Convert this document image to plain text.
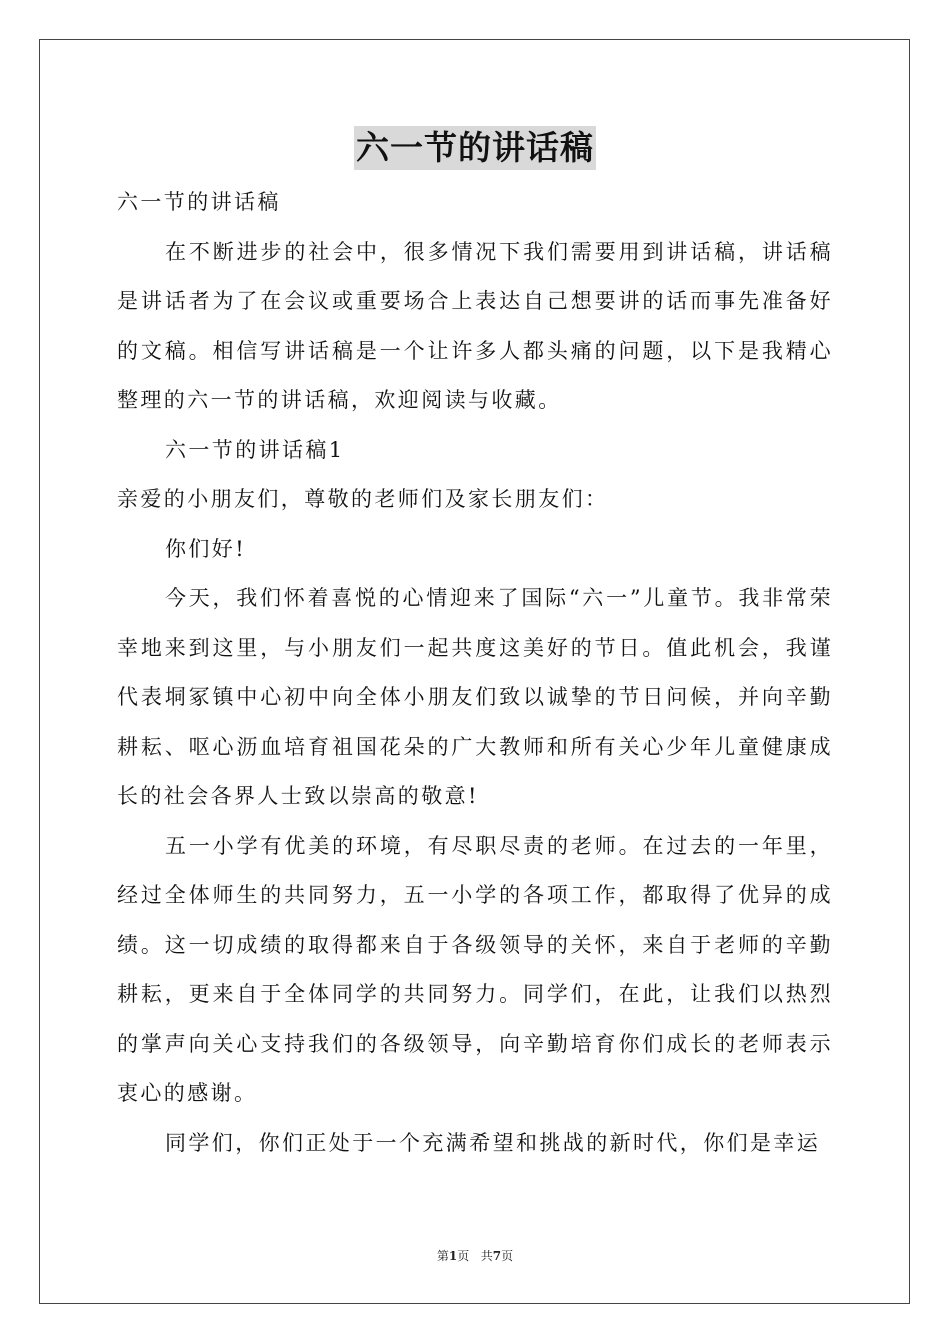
六一节的讲话稿

六一节的讲话稿

在不断进步的社会中，很多情况下我们需要用到讲话稿，讲话稿是讲话者为了在会议或重要场合上表达自己想要讲的话而事先准备好的文稿。相信写讲话稿是一个让许多人都头痛的问题，以下是我精心整理的六一节的讲话稿，欢迎阅读与收藏。

六一节的讲话稿1

亲爱的小朋友们，尊敬的老师们及家长朋友们：

你们好!

今天，我们怀着喜悦的心情迎来了国际“六一”儿童节。我非常荣幸地来到这里，与小朋友们一起共度这美好的节日。值此机会，我谨代表垌冢镇中心初中向全体小朋友们致以诚挚的节日问候，并向辛勤耕耘、呕心沥血培育祖国花朵的广大教师和所有关心少年儿童健康成长的社会各界人士致以崇高的敬意!

五一小学有优美的环境，有尽职尽责的老师。在过去的一年里，经过全体师生的共同努力，五一小学的各项工作，都取得了优异的成绩。这一切成绩的取得都来自于各级领导的关怀，来自于老师的辛勤耕耘，更来自于全体同学的共同努力。同学们，在此，让我们以热烈的掌声向关心支持我们的各级领导，向辛勤培育你们成长的老师表示衷心的感谢。

同学们，你们正处于一个充满希望和挑战的新时代，你们是幸运

第1页 共7页
